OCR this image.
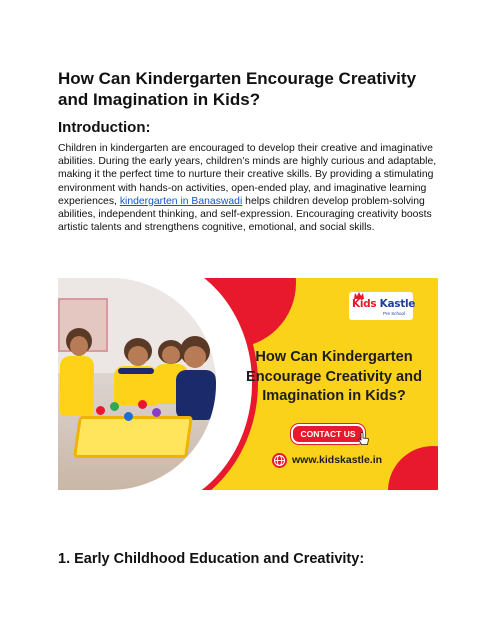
How Can Kindergarten Encourage Creativity and Imagination in Kids?
Introduction:

Children in kindergarten are encouraged to develop their creative and imaginative abilities. During the early years, children’s minds are highly curious and adaptable, making it the perfect time to nurture their creative skills. By providing a stimulating environment with hands-on activities, open-ended play, and imaginative learning experiences, kindergarten in Banaswadi helps children develop problem-solving abilities, independent thinking, and self-expression. Encouraging creativity boosts artistic talents and strengthens cognitive, emotional, and social skills.

Kids Kastle
Pre School
How Can Kindergarten Encourage Creativity and Imagination in Kids?
CONTACT US
www.kidskastle.in
1. Early Childhood Education and Creativity:
